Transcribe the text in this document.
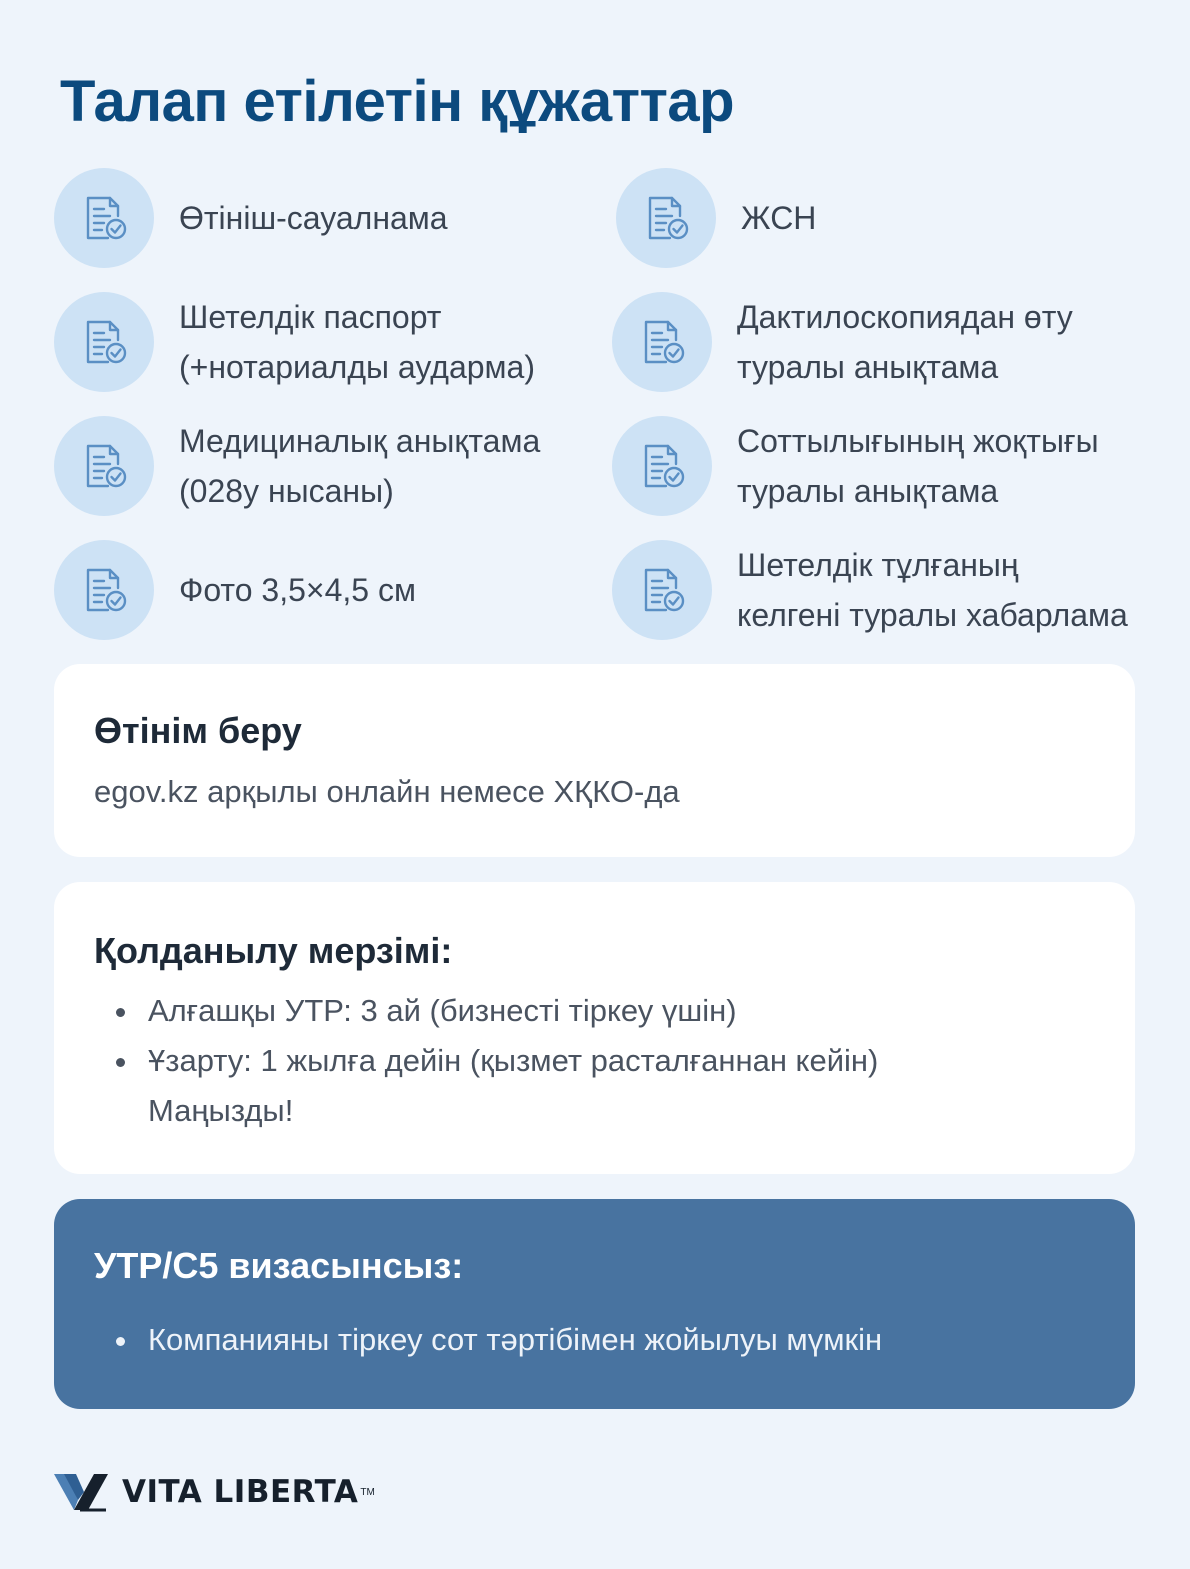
Талап етілетін құжаттар
Өтініш-сауалнама
Шетелдік паспорт
(+нотариалды аударма)
Медициналық анықтама
(028у нысаны)
Фото 3,5×4,5 см
ЖСН
Дактилоскопиядан өту
туралы анықтама
Соттылығының жоқтығы
туралы анықтама
Шетелдік тұлғаның
келгені туралы хабарлама
Өтінім беру
egov.kz арқылы онлайн немесе ХҚКО-да
Қолданылу мерзімі:
Алғашқы УТР: 3 ай (бизнесті тіркеу үшін)
Ұзарту: 1 жылға дейін (қызмет расталғаннан кейін)
Маңызды!
УТР/С5 визасынсыз:
Компанияны тіркеу сот тәртібімен жойылуы мүмкін
VITA LIBERTA TM
